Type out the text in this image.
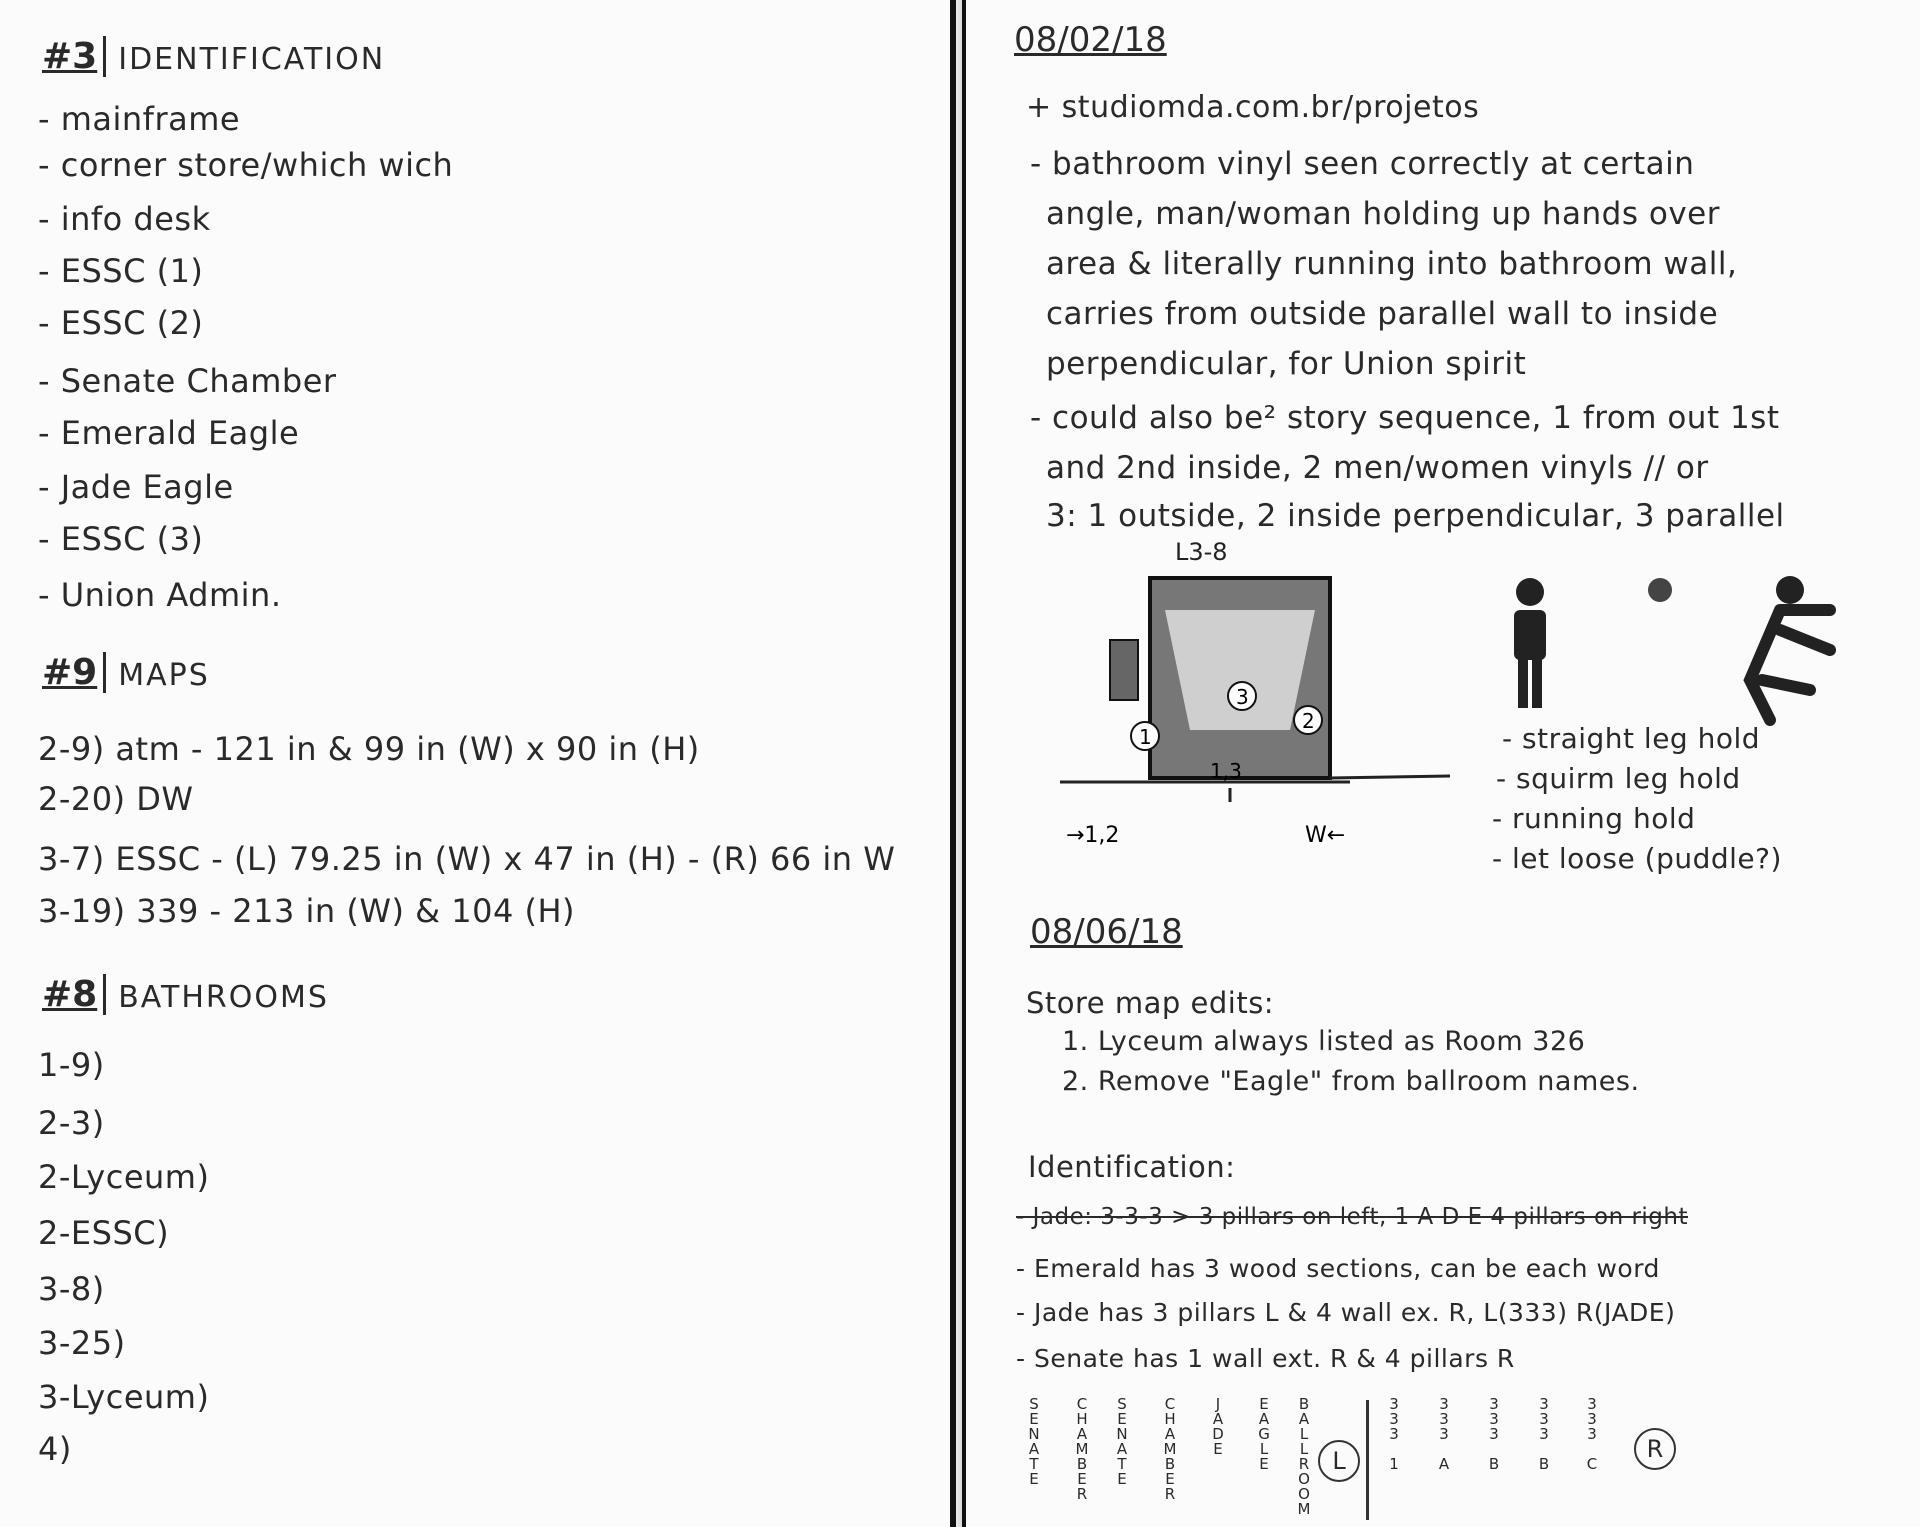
#3 IDENTIFICATION
- mainframe
- corner store/which wich
- info desk
- ESSC (1)
- ESSC (2)
- Senate Chamber
- Emerald Eagle
- Jade Eagle
- ESSC (3)
- Union Admin.
#9 MAPS
2-9) atm - 121 in & 99 in (W) x 90 in (H)
2-20) DW
3-7) ESSC - (L) 79.25 in (W) x 47 in (H) - (R) 66 in W
3-19) 339 - 213 in (W) & 104 (H)
#8 BATHROOMS
1-9)
2-3)
2-Lyceum)
2-ESSC)
3-8)
3-25)
3-Lyceum)
4)
08/02/18
+ studiomda.com.br/projetos
- bathroom vinyl seen correctly at certain
angle, man/woman holding up hands over
area & literally running into bathroom wall,
carries from outside parallel wall to inside
perpendicular, for Union spirit
- could also be² story sequence, 1 from out 1st
and 2nd inside, 2 men/women vinyls // or
3: 1 outside, 2 inside perpendicular, 3 parallel
- straight leg hold
- squirm leg hold
- running hold
- let loose (puddle?)
08/06/18
Store map edits:
1. Lyceum always listed as Room 326
2. Remove "Eagle" from ballroom names.
Identification:
- Jade: 3-3-3 > 3 pillars on left, 1 A D E 4 pillars on right
- Emerald has 3 wood sections, can be each word
- Jade has 3 pillars L & 4 wall ex. R, L(333) R(JADE)
- Senate has 1 wall ext. R & 4 pillars R
SENATE CHAMBER SENATE CHAMBER JADE EAGLE BALLROOM L	333 1 333 A 333 B 333 B 333 C	R
L3-8
1
2
3
1,3
→1,2	W←
